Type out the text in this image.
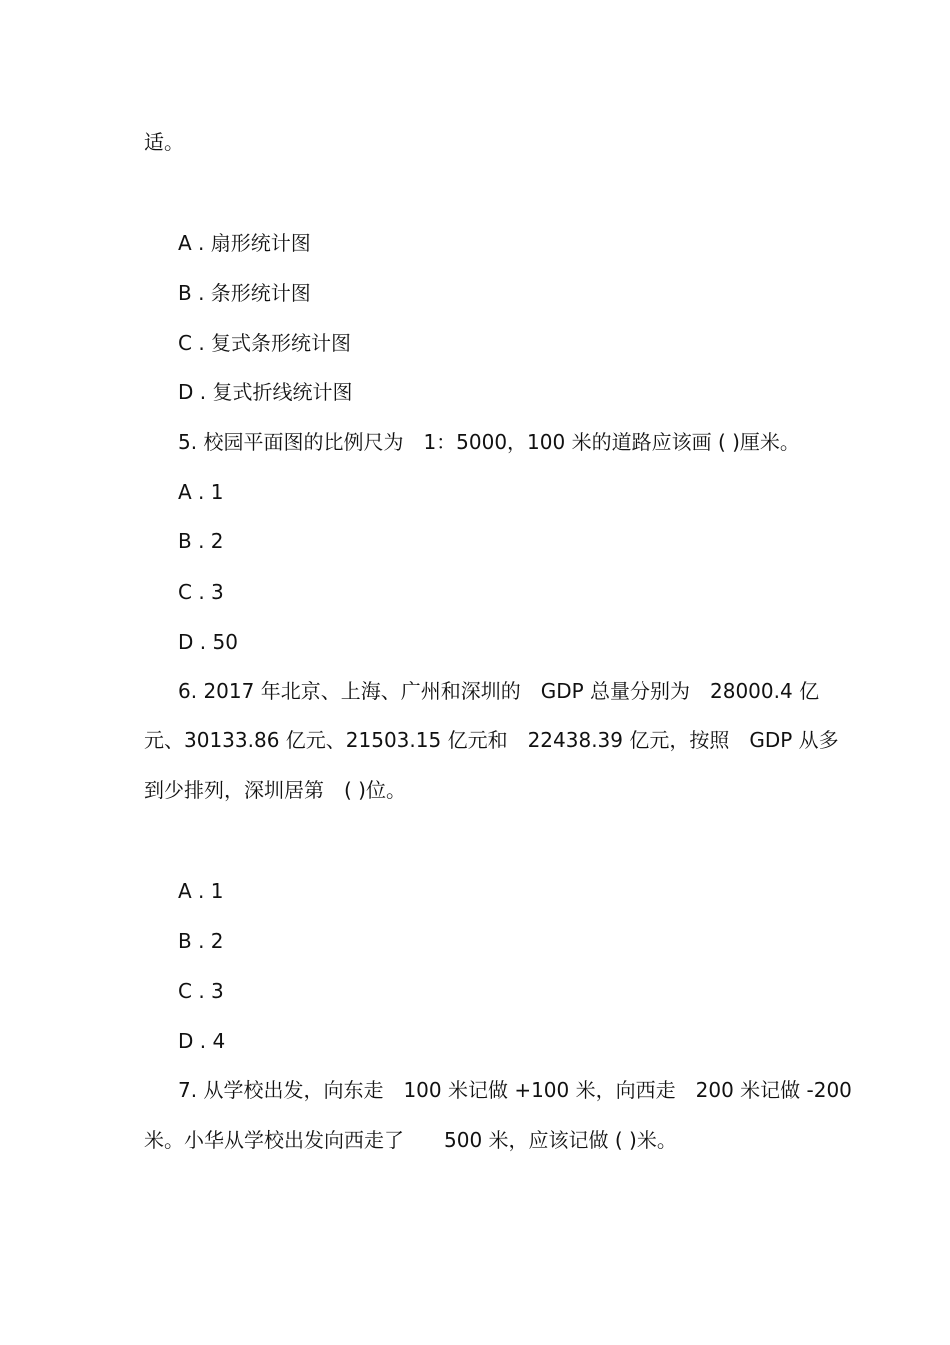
适。

A . 扇形统计图

B . 条形统计图

C . 复式条形统计图

D . 复式折线统计图

5. 校园平面图的比例尺为　1：5000，100 米的道路应该画 ( )厘米。

A . 1

B . 2

C . 3

D . 50

6. 2017 年北京、上海、广州和深圳的　GDP 总量分别为　28000.4 亿

元、30133.86 亿元、21503.15 亿元和　22438.39 亿元，按照　GDP 从多

到少排列，深圳居第　( )位。

A . 1

B . 2

C . 3

D . 4

7. 从学校出发，向东走　100 米记做 +100 米，向西走　200 米记做 -200

米。小华从学校出发向西走了　　500 米，应该记做 ( )米。
